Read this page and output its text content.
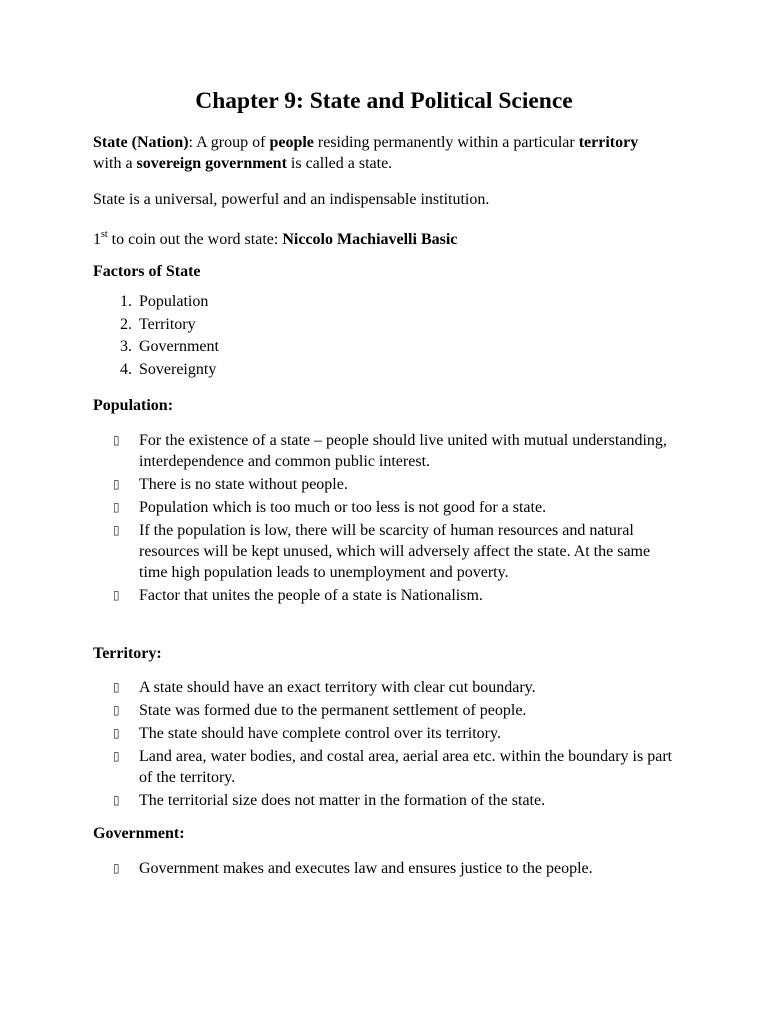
Chapter 9: State and Political Science

State (Nation): A group of people residing permanently within a particular territory with a sovereign government is called a state.

State is a universal, powerful and an indispensable institution.

1st to coin out the word state: Niccolo Machiavelli Basic

Factors of State

1. Population
2. Territory
3. Government
4. Sovereignty

Population:

▯	For the existence of a state – people should live united with mutual understanding, interdependence and common public interest.
▯	There is no state without people.
▯	Population which is too much or too less is not good for a state.
▯	If the population is low, there will be scarcity of human resources and natural resources will be kept unused, which will adversely affect the state. At the same time high population leads to unemployment and poverty.
▯	Factor that unites the people of a state is Nationalism.

Territory:

▯	A state should have an exact territory with clear cut boundary.
▯	State was formed due to the permanent settlement of people.
▯	The state should have complete control over its territory.
▯	Land area, water bodies, and costal area, aerial area etc. within the boundary is part of the territory.
▯	The territorial size does not matter in the formation of the state.

Government:

▯	Government makes and executes law and ensures justice to the people.
